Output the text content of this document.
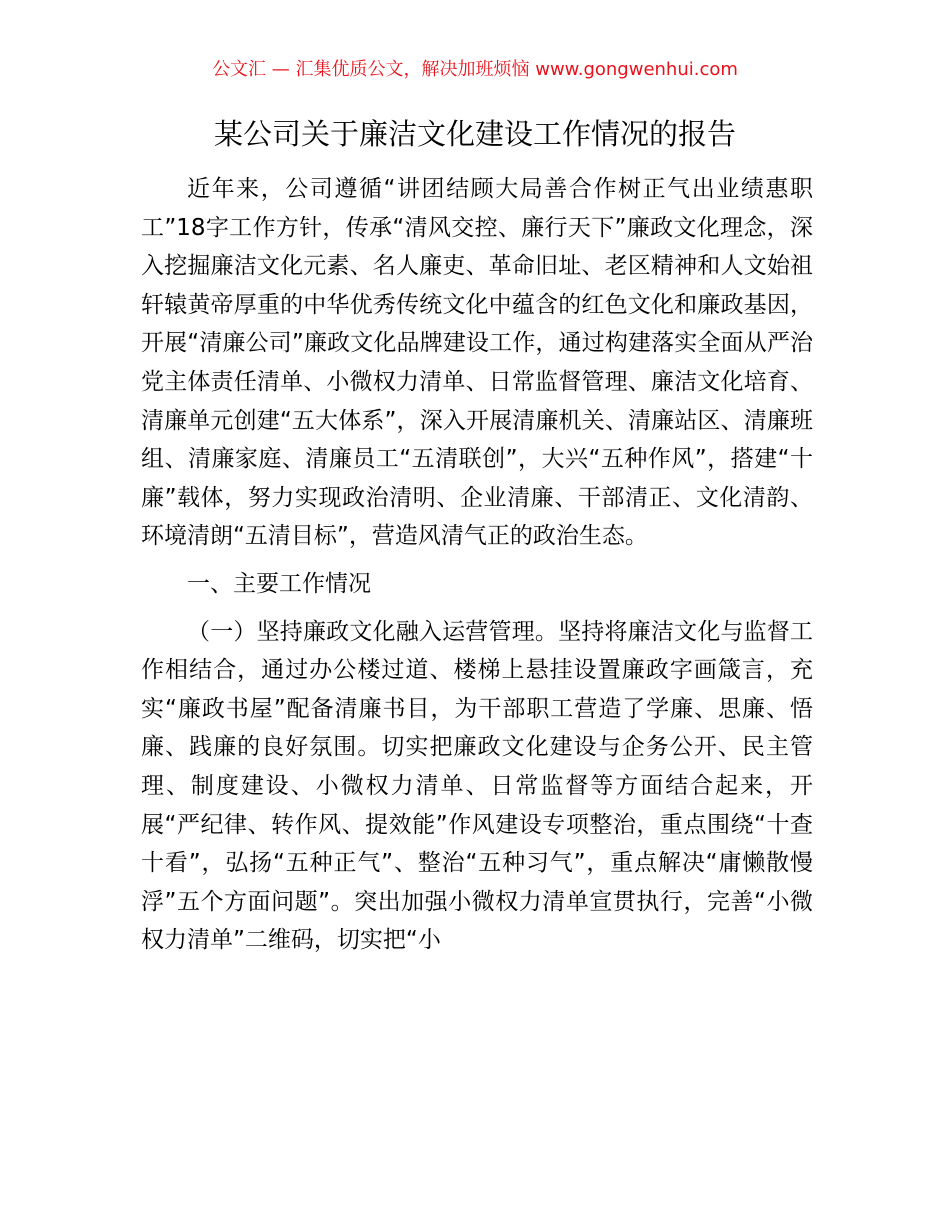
公文汇 — 汇集优质公文，解决加班烦恼 www.gongwenhui.com
某公司关于廉洁文化建设工作情况的报告

近年来，公司遵循“讲团结顾大局善合作树正气出业绩惠职工”18字工作方针，传承“清风交控、廉行天下”廉政文化理念，深入挖掘廉洁文化元素、名人廉吏、革命旧址、老区精神和人文始祖轩辕黄帝厚重的中华优秀传统文化中蕴含的红色文化和廉政基因，开展“清廉公司”廉政文化品牌建设工作，通过构建落实全面从严治党主体责任清单、小微权力清单、日常监督管理、廉洁文化培育、清廉单元创建“五大体系”，深入开展清廉机关、清廉站区、清廉班组、清廉家庭、清廉员工“五清联创”，大兴“五种作风”，搭建“十廉”载体，努力实现政治清明、企业清廉、干部清正、文化清韵、环境清朗“五清目标”，营造风清气正的政治生态。

一、主要工作情况

（一）坚持廉政文化融入运营管理。坚持将廉洁文化与监督工作相结合，通过办公楼过道、楼梯上悬挂设置廉政字画箴言，充实“廉政书屋”配备清廉书目，为干部职工营造了学廉、思廉、悟廉、践廉的良好氛围。切实把廉政文化建设与企务公开、民主管理、制度建设、小微权力清单、日常监督等方面结合起来，开展“严纪律、转作风、提效能”作风建设专项整治，重点围绕“十查十看”，弘扬“五种正气”、整治“五种习气”，重点解决“庸懒散慢浮”五个方面问题”。突出加强小微权力清单宣贯执行，完善“小微权力清单”二维码，切实把“小
